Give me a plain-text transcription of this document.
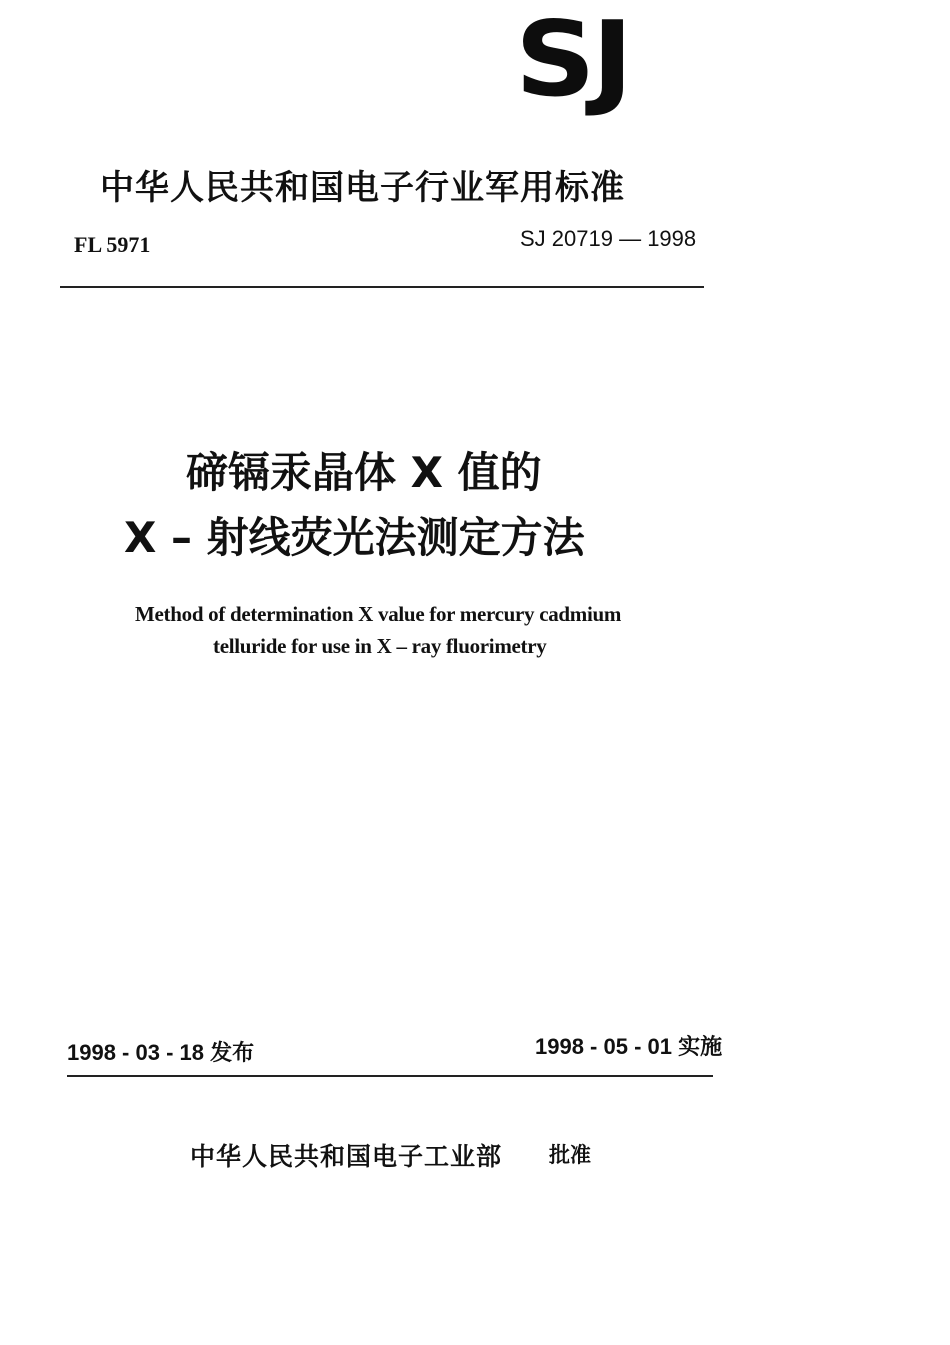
SJ
中华人民共和国电子行业军用标准
FL 5971	SJ 20719 — 1998
碲镉汞晶体 X 值的
X – 射线荧光法测定方法
Method of determination X value for mercury cadmium
telluride for use in X – ray fluorimetry
1998 - 03 - 18 发布	1998 - 05 - 01 实施
中华人民共和国电子工业部 批准
